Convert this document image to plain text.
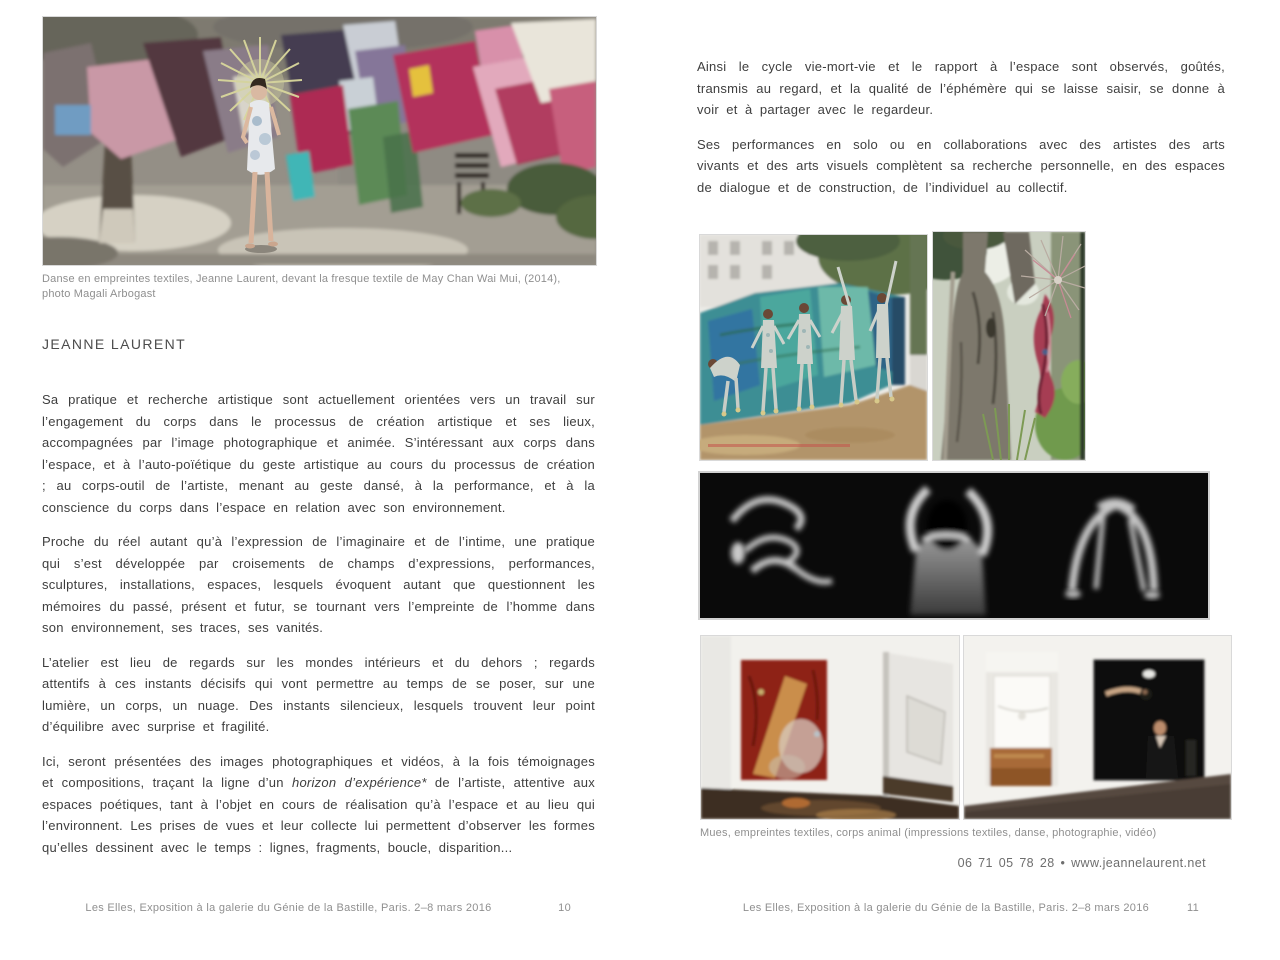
Danse en empreintes textiles, Jeanne Laurent, devant la fresque textile de May Chan Wai Mui, (2014),
photo Magali Arbogast
JEANNE LAURENT

Sa pratique et recherche artistique sont actuellement orientées vers un travail sur l’engagement du corps dans le processus de création artistique et ses lieux, accompagnées par l’image photographique et animée. S’intéressant aux corps dans l’espace, et à l’auto-poïétique du geste artistique au cours du processus de création ; au corps-outil de l’artiste, menant au geste dansé, à la performance, et à la conscience du corps dans l’espace en relation avec son environnement.

Proche du réel autant qu’à l’expression de l’imaginaire et de l’intime, une pratique qui s’est développée par croisements de champs d’expressions, performances, sculptures, installations, espaces, lesquels évoquent autant que questionnent les mémoires du passé, présent et futur, se tournant vers l’empreinte de l’homme dans son environnement, ses traces, ses vanités.

L’atelier est lieu de regards sur les mondes intérieurs et du dehors ; regards attentifs à ces instants décisifs qui vont permettre au temps de se poser, sur une lumière, un corps, un nuage. Des instants silencieux, lesquels trouvent leur point d’équilibre avec surprise et fragilité.

Ici, seront présentées des images photographiques et vidéos, à la fois témoignages et compositions, traçant la ligne d’un horizon d’expérience* de l’artiste, attentive aux espaces poétiques, tant à l’objet en cours de réalisation qu’à l’espace et au lieu qui l’environnent. Les prises de vues et leur collecte lui permettent d’observer les formes qu’elles dessinent avec le temps : lignes, fragments, boucle, disparition...

Les Elles, Exposition à la galerie du Génie de la Bastille, Paris. 2–8 mars 2016	10

Ainsi le cycle vie-mort-vie et le rapport à l’espace sont observés, goûtés, transmis au regard, et la qualité de l’éphémère qui se laisse saisir, se donne à voir et à partager avec le regardeur.

Ses performances en solo ou en collaborations avec des artistes des arts vivants et des arts visuels complètent sa recherche personnelle, en des espaces de dialogue et de construction, de l’individuel au collectif.

Mues, empreintes textiles, corps animal (impressions textiles, danse, photographie, vidéo)
06 71 05 78 28 • www.jeannelaurent.net
Les Elles, Exposition à la galerie du Génie de la Bastille, Paris. 2–8 mars 2016	11
